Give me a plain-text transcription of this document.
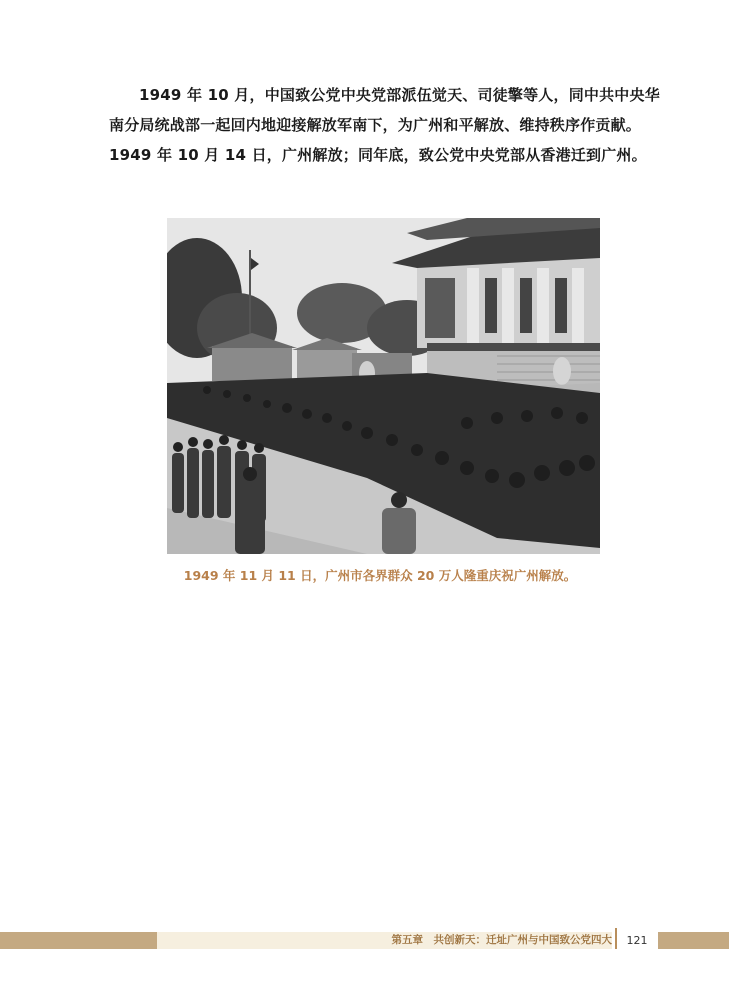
1949 年 10 月，中国致公党中央党部派伍觉天、司徒擎等人，同中共中央华南分局统战部一起回内地迎接解放军南下，为广州和平解放、维持秩序作贡献。1949 年 10 月 14 日，广州解放；同年底，致公党中央党部从香港迁到广州。

1949 年 11 月 11 日，广州市各界群众 20 万人隆重庆祝广州解放。
第五章　共创新天：迁址广州与中国致公党四大	121
